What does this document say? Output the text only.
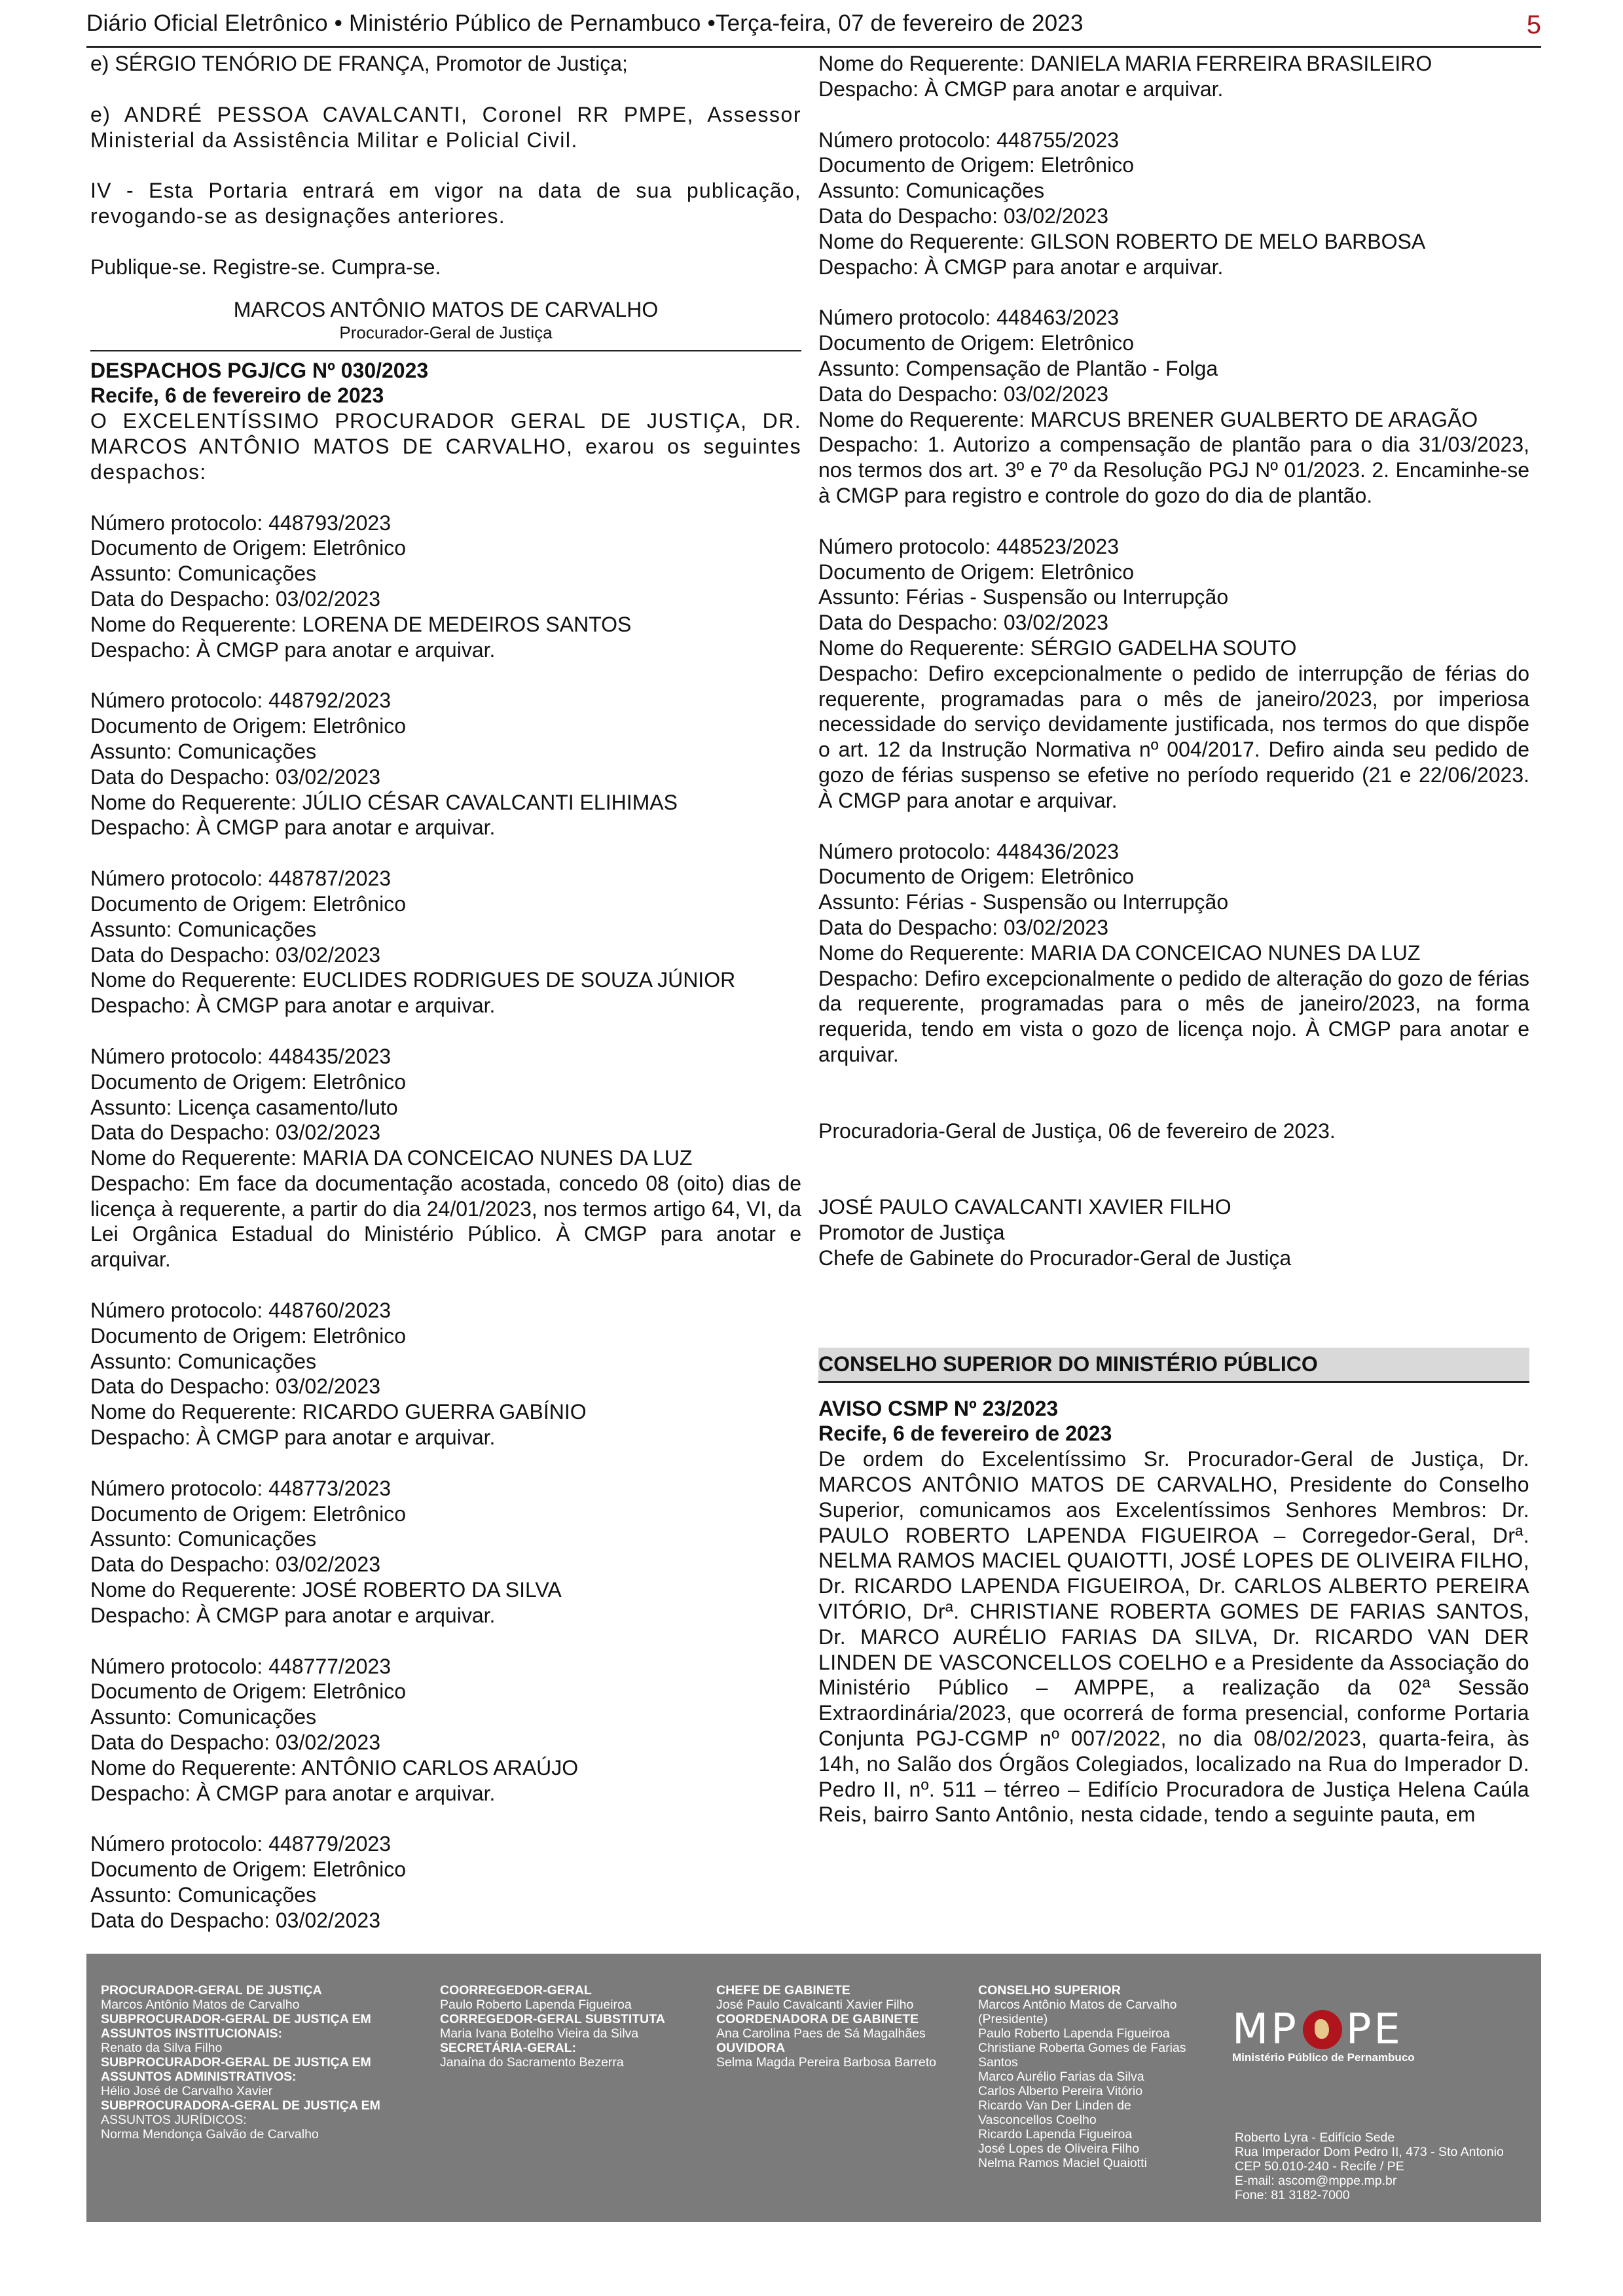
Diário Oficial Eletrônico • Ministério Público de Pernambuco •Terça-feira, 07 de fevereiro de 2023	5

e) SÉRGIO TENÓRIO DE FRANÇA, Promotor de Justiça;

e) ANDRÉ PESSOA CAVALCANTI, Coronel RR PMPE, Assessor Ministerial da Assistência Militar e Policial Civil.

IV - Esta Portaria entrará em vigor na data de sua publicação, revogando-se as designações anteriores.

Publique-se. Registre-se. Cumpra-se.

MARCOS ANTÔNIO MATOS DE CARVALHO
Procurador-Geral de Justiça
DESPACHOS PGJ/CG Nº 030/2023
Recife, 6 de fevereiro de 2023

O EXCELENTÍSSIMO PROCURADOR GERAL DE JUSTIÇA, DR. MARCOS ANTÔNIO MATOS DE CARVALHO, exarou os seguintes despachos:

Número protocolo: 448793/2023
Documento de Origem: Eletrônico
Assunto: Comunicações
Data do Despacho: 03/02/2023
Nome do Requerente: LORENA DE MEDEIROS SANTOS
Despacho: À CMGP para anotar e arquivar.
Número protocolo: 448792/2023
Documento de Origem: Eletrônico
Assunto: Comunicações
Data do Despacho: 03/02/2023
Nome do Requerente: JÚLIO CÉSAR CAVALCANTI ELIHIMAS
Despacho: À CMGP para anotar e arquivar.
Número protocolo: 448787/2023
Documento de Origem: Eletrônico
Assunto: Comunicações
Data do Despacho: 03/02/2023
Nome do Requerente: EUCLIDES RODRIGUES DE SOUZA JÚNIOR
Despacho: À CMGP para anotar e arquivar.
Número protocolo: 448435/2023
Documento de Origem: Eletrônico
Assunto: Licença casamento/luto
Data do Despacho: 03/02/2023
Nome do Requerente: MARIA DA CONCEICAO NUNES DA LUZ
Despacho: Em face da documentação acostada, concedo 08 (oito) dias de licença à requerente, a partir do dia 24/01/2023, nos termos artigo 64, VI, da Lei Orgânica Estadual do Ministério Público. À CMGP para anotar e arquivar.
Número protocolo: 448760/2023
Documento de Origem: Eletrônico
Assunto: Comunicações
Data do Despacho: 03/02/2023
Nome do Requerente: RICARDO GUERRA GABÍNIO
Despacho: À CMGP para anotar e arquivar.
Número protocolo: 448773/2023
Documento de Origem: Eletrônico
Assunto: Comunicações
Data do Despacho: 03/02/2023
Nome do Requerente: JOSÉ ROBERTO DA SILVA
Despacho: À CMGP para anotar e arquivar.
Número protocolo: 448777/2023
Documento de Origem: Eletrônico
Assunto: Comunicações
Data do Despacho: 03/02/2023
Nome do Requerente: ANTÔNIO CARLOS ARAÚJO
Despacho: À CMGP para anotar e arquivar.
Número protocolo: 448779/2023
Documento de Origem: Eletrônico
Assunto: Comunicações
Data do Despacho: 03/02/2023
Nome do Requerente: DANIELA MARIA FERREIRA BRASILEIRO
Despacho: À CMGP para anotar e arquivar.
Número protocolo: 448755/2023
Documento de Origem: Eletrônico
Assunto: Comunicações
Data do Despacho: 03/02/2023
Nome do Requerente: GILSON ROBERTO DE MELO BARBOSA
Despacho: À CMGP para anotar e arquivar.
Número protocolo: 448463/2023
Documento de Origem: Eletrônico
Assunto: Compensação de Plantão - Folga
Data do Despacho: 03/02/2023
Nome do Requerente: MARCUS BRENER GUALBERTO DE ARAGÃO
Despacho: 1. Autorizo a compensação de plantão para o dia 31/03/2023, nos termos dos art. 3º e 7º da Resolução PGJ Nº 01/2023. 2. Encaminhe-se à CMGP para registro e controle do gozo do dia de plantão.
Número protocolo: 448523/2023
Documento de Origem: Eletrônico
Assunto: Férias - Suspensão ou Interrupção
Data do Despacho: 03/02/2023
Nome do Requerente: SÉRGIO GADELHA SOUTO
Despacho: Defiro excepcionalmente o pedido de interrupção de férias do requerente, programadas para o mês de janeiro/2023, por imperiosa necessidade do serviço devidamente justificada, nos termos do que dispõe o art. 12 da Instrução Normativa nº 004/2017. Defiro ainda seu pedido de gozo de férias suspenso se efetive no período requerido (21 e 22/06/2023. À CMGP para anotar e arquivar.
Número protocolo: 448436/2023
Documento de Origem: Eletrônico
Assunto: Férias - Suspensão ou Interrupção
Data do Despacho: 03/02/2023
Nome do Requerente: MARIA DA CONCEICAO NUNES DA LUZ
Despacho: Defiro excepcionalmente o pedido de alteração do gozo de férias da requerente, programadas para o mês de janeiro/2023, na forma requerida, tendo em vista o gozo de licença nojo. À CMGP para anotar e arquivar.

Procuradoria-Geral de Justiça, 06 de fevereiro de 2023.

JOSÉ PAULO CAVALCANTI XAVIER FILHO

Promotor de Justiça

Chefe de Gabinete do Procurador-Geral de Justiça

CONSELHO SUPERIOR DO MINISTÉRIO PÚBLICO
AVISO CSMP Nº 23/2023
Recife, 6 de fevereiro de 2023

De ordem do Excelentíssimo Sr. Procurador-Geral de Justiça, Dr. MARCOS ANTÔNIO MATOS DE CARVALHO, Presidente do Conselho Superior, comunicamos aos Excelentíssimos Senhores Membros: Dr. PAULO ROBERTO LAPENDA FIGUEIROA – Corregedor-Geral, Drª. NELMA RAMOS MACIEL QUAIOTTI, JOSÉ LOPES DE OLIVEIRA FILHO, Dr. RICARDO LAPENDA FIGUEIROA, Dr. CARLOS ALBERTO PEREIRA VITÓRIO, Drª. CHRISTIANE ROBERTA GOMES DE FARIAS SANTOS, Dr. MARCO AURÉLIO FARIAS DA SILVA, Dr. RICARDO VAN DER LINDEN DE VASCONCELLOS COELHO e a Presidente da Associação do Ministério Público – AMPPE, a realização da 02ª Sessão Extraordinária/2023, que ocorrerá de forma presencial, conforme Portaria Conjunta PGJ-CGMP nº 007/2022, no dia 08/02/2023, quarta-feira, às 14h, no Salão dos Órgãos Colegiados, localizado na Rua do Imperador D. Pedro II, nº. 511 – térreo – Edifício Procuradora de Justiça Helena Caúla Reis, bairro Santo Antônio, nesta cidade, tendo a seguinte pauta, em

PROCURADOR-GERAL DE JUSTIÇA
Marcos Antônio Matos de Carvalho
SUBPROCURADOR-GERAL DE JUSTIÇA EM
ASSUNTOS INSTITUCIONAIS:
Renato da Silva Filho
SUBPROCURADOR-GERAL DE JUSTIÇA EM
ASSUNTOS ADMINISTRATIVOS:
Hélio José de Carvalho Xavier
SUBPROCURADORA-GERAL DE JUSTIÇA EM
ASSUNTOS JURÍDICOS:
Norma Mendonça Galvão de Carvalho
COORREGEDOR-GERAL
Paulo Roberto Lapenda Figueiroa
CORREGEDOR-GERAL SUBSTITUTA
Maria Ivana Botelho Vieira da Silva
SECRETÁRIA-GERAL:
Janaína do Sacramento Bezerra
CHEFE DE GABINETE
José Paulo Cavalcanti Xavier Filho
COORDENADORA DE GABINETE
Ana Carolina Paes de Sá Magalhães
OUVIDORA
Selma Magda Pereira Barbosa Barreto
CONSELHO SUPERIOR
Marcos Antônio Matos de Carvalho
(Presidente)
Paulo Roberto Lapenda Figueiroa
Christiane Roberta Gomes de Farias
Santos
Marco Aurélio Farias da Silva
Carlos Alberto Pereira Vitório
Ricardo Van Der Linden de
Vasconcellos Coelho
Ricardo Lapenda Figueiroa
José Lopes de Oliveira Filho
Nelma Ramos Maciel Quaiotti
MP PE
Ministério Público de Pernambuco
Roberto Lyra - Edifício Sede
Rua Imperador Dom Pedro II, 473 - Sto Antonio
CEP 50.010-240 - Recife / PE
E-mail: ascom@mppe.mp.br
Fone: 81 3182-7000
